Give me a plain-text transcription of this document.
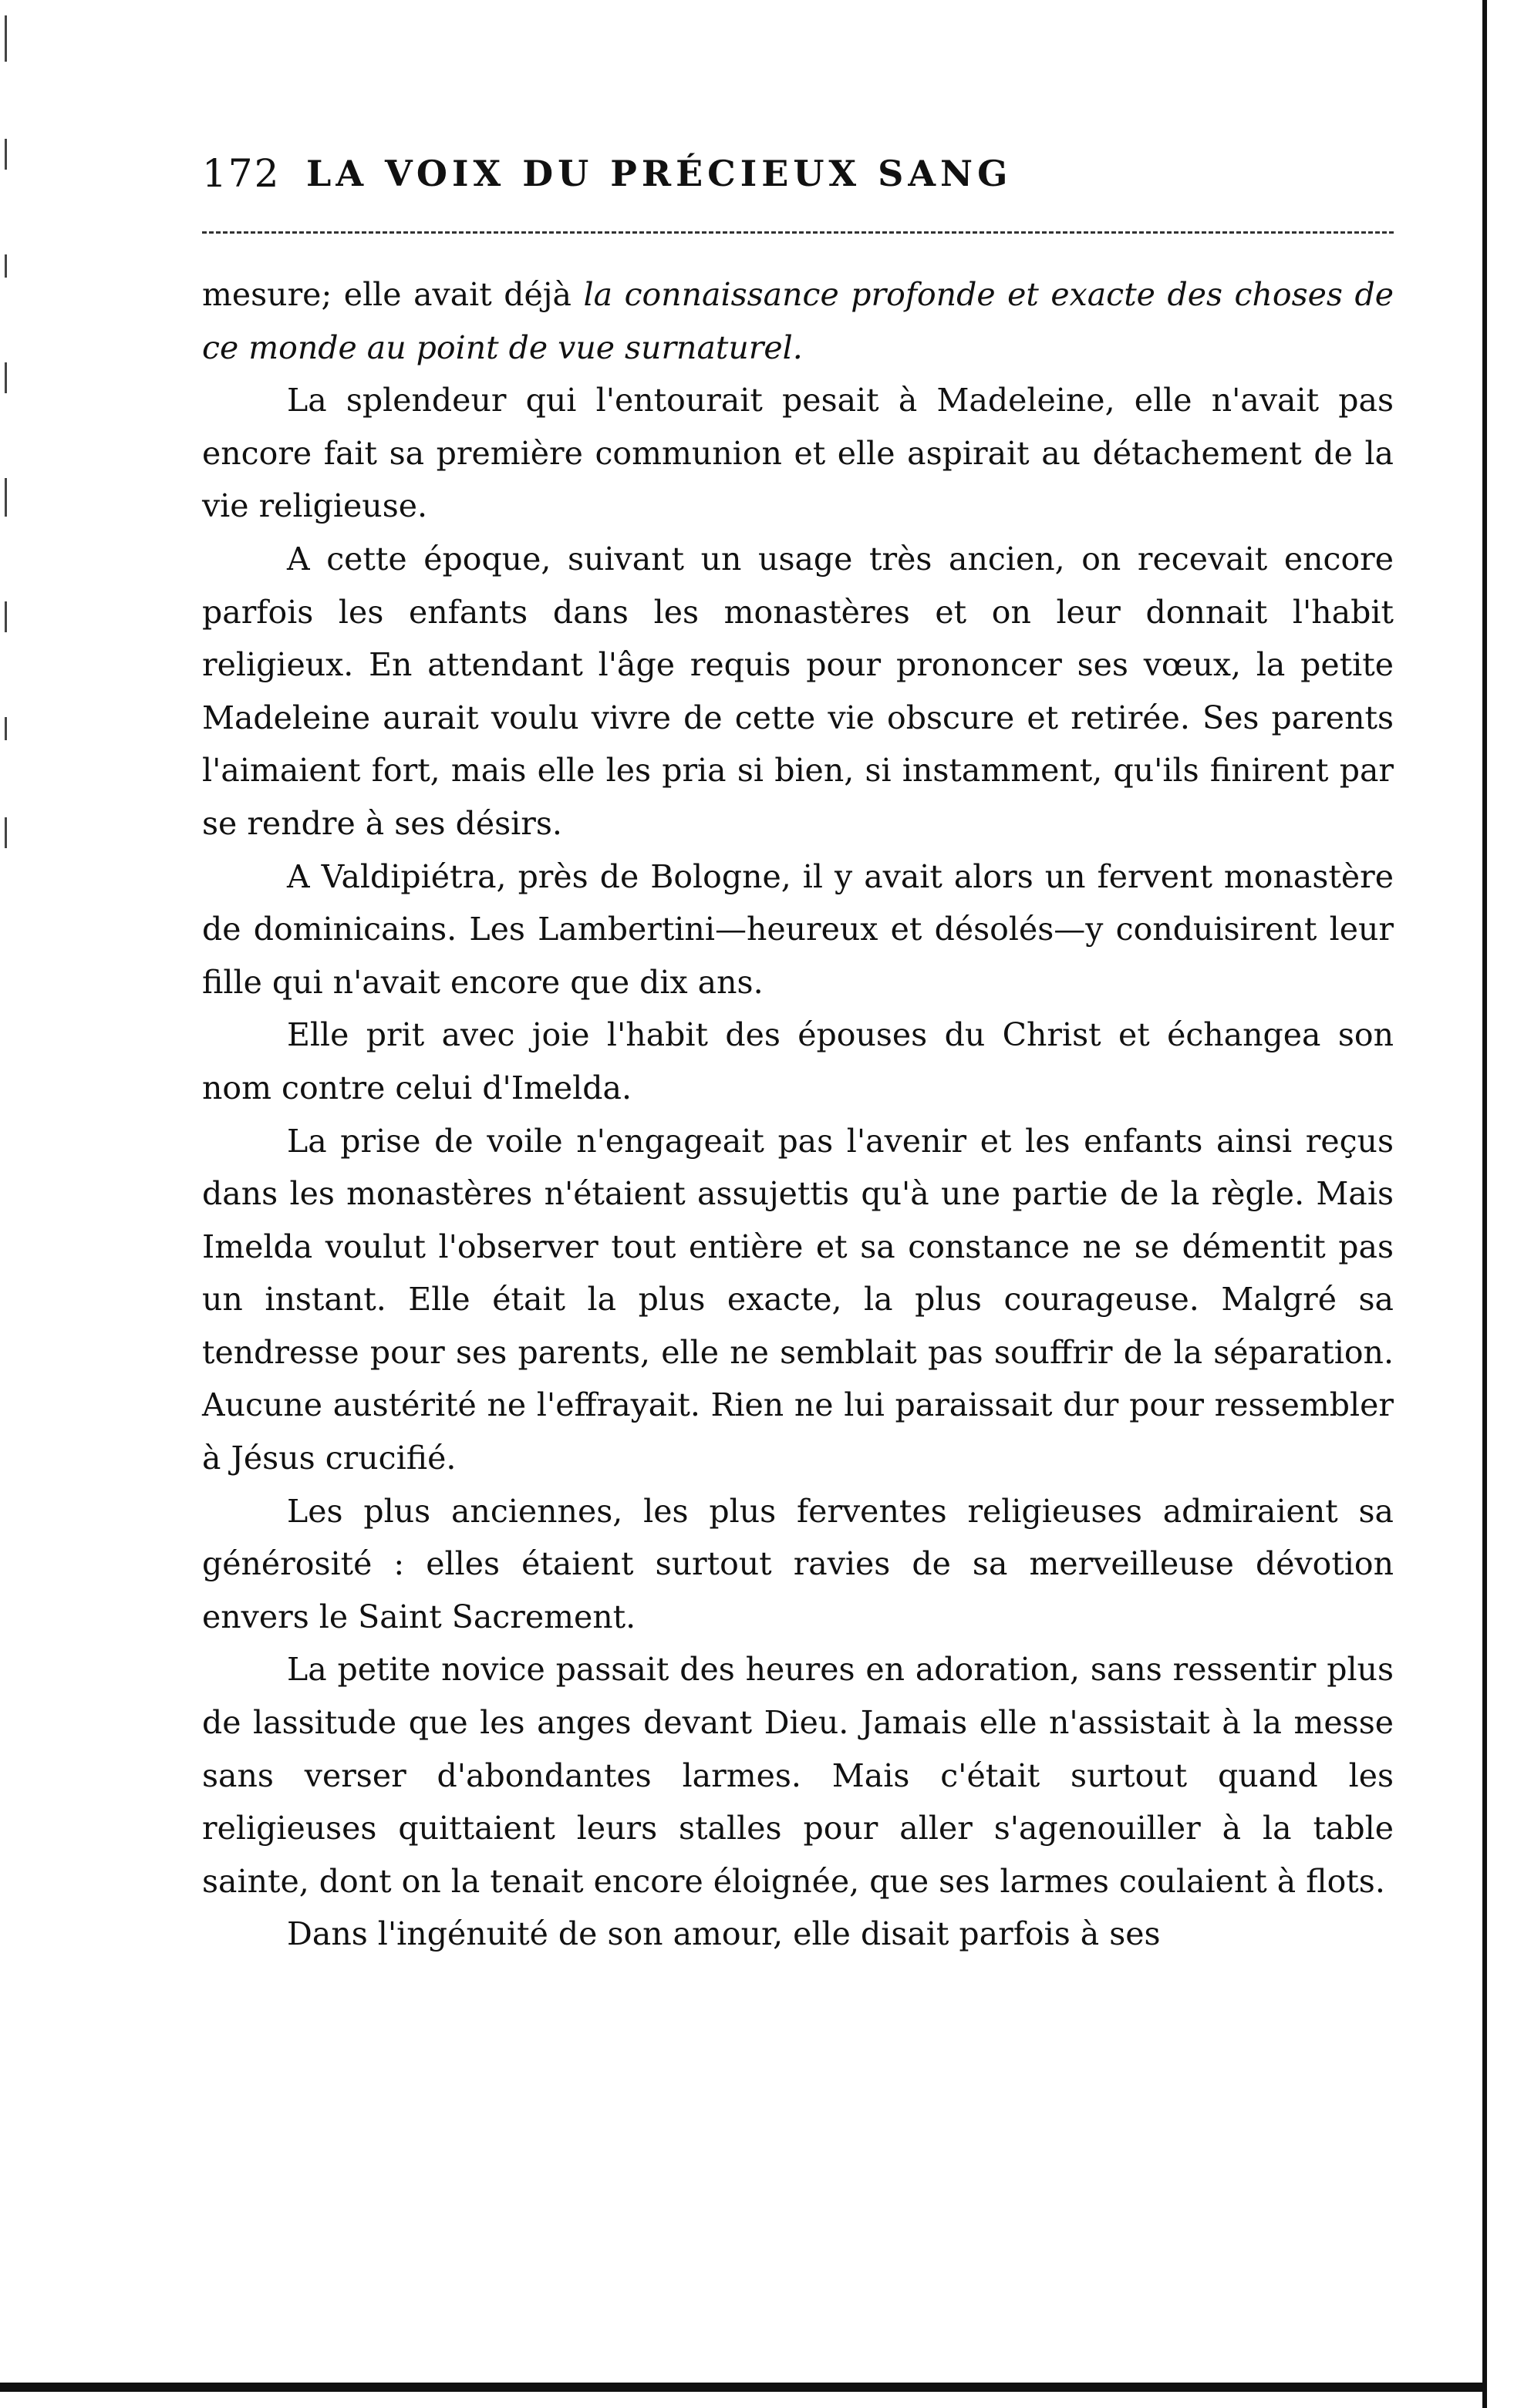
172 LA VOIX DU PRÉCIEUX SANG

mesure; elle avait déjà la connaissance profonde et exacte des choses de ce monde au point de vue surnaturel.

La splendeur qui l'entourait pesait à Madeleine, elle n'avait pas encore fait sa première communion et elle aspirait au détachement de la vie religieuse.

A cette époque, suivant un usage très ancien, on recevait encore parfois les enfants dans les monastères et on leur donnait l'habit religieux. En attendant l'âge requis pour prononcer ses vœux, la petite Madeleine aurait voulu vivre de cette vie obscure et retirée. Ses parents l'aimaient fort, mais elle les pria si bien, si instamment, qu'ils finirent par se rendre à ses désirs.

A Valdipiétra, près de Bologne, il y avait alors un fervent monastère de dominicains. Les Lambertini—heureux et désolés—y conduisirent leur fille qui n'avait encore que dix ans.

Elle prit avec joie l'habit des épouses du Christ et échangea son nom contre celui d'Imelda.

La prise de voile n'engageait pas l'avenir et les enfants ainsi reçus dans les monastères n'étaient assujettis qu'à une partie de la règle. Mais Imelda voulut l'observer tout entière et sa constance ne se démentit pas un instant. Elle était la plus exacte, la plus courageuse. Malgré sa tendresse pour ses parents, elle ne semblait pas souffrir de la séparation. Aucune austérité ne l'effrayait. Rien ne lui paraissait dur pour ressembler à Jésus crucifié.

Les plus anciennes, les plus ferventes religieuses admiraient sa générosité : elles étaient surtout ravies de sa merveilleuse dévotion envers le Saint Sacrement.

La petite novice passait des heures en adoration, sans ressentir plus de lassitude que les anges devant Dieu. Jamais elle n'assistait à la messe sans verser d'abondantes larmes. Mais c'était surtout quand les religieuses quittaient leurs stalles pour aller s'agenouiller à la table sainte, dont on la tenait encore éloignée, que ses larmes coulaient à flots.

Dans l'ingénuité de son amour, elle disait parfois à ses
